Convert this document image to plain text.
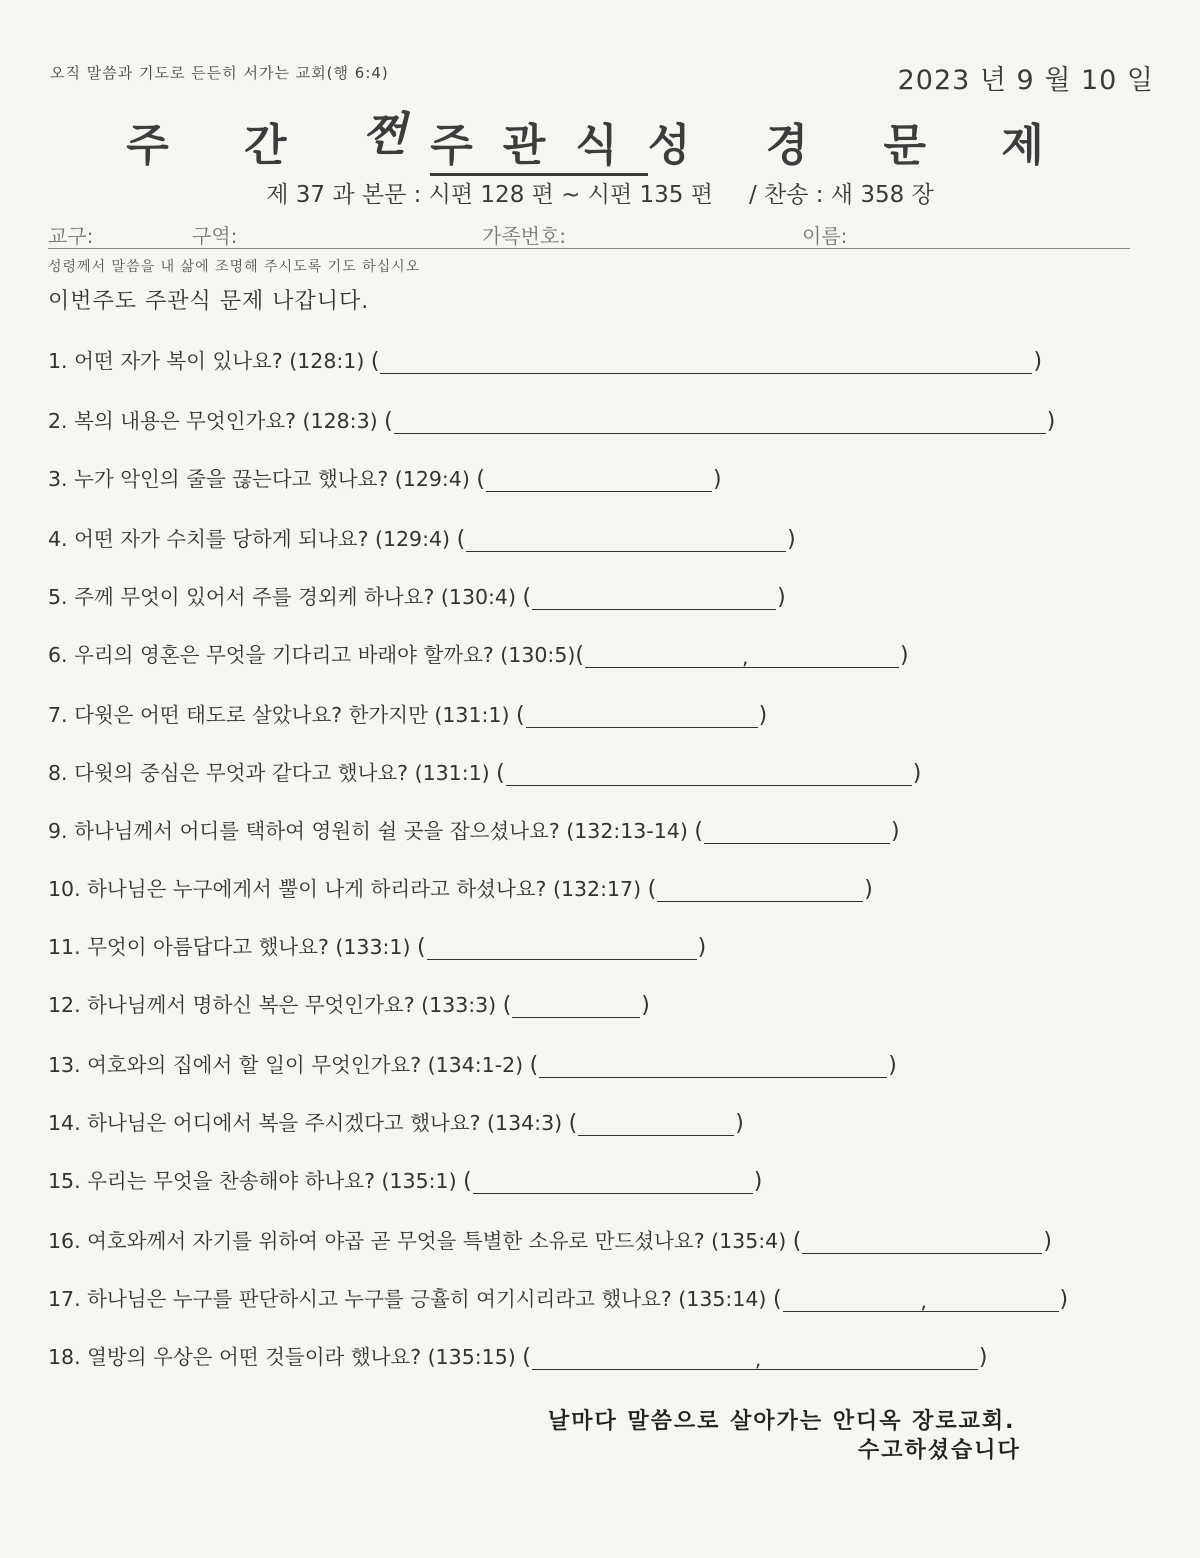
오직 말씀과 기도로 든든히 서가는 교회(행 6:4)	2023 년 9 월 10 일
주 간 쩐 주관식성 경 문 제
제 37 과 본문 : 시편 128 편 ~ 시편 135 편 / 찬송 : 새 358 장
교구:	구역:	가족번호:	이름:
성령께서 말씀을 내 삶에 조명해 주시도록 기도 하십시오
이번주도 주관식 문제 나갑니다.
1. 어떤 자가 복이 있나요? (128:1) (	)
2. 복의 내용은 무엇인가요? (128:3) (	)
3. 누가 악인의 줄을 끊는다고 했나요? (129:4) (	)
4. 어떤 자가 수치를 당하게 되나요? (129:4) (	)
5. 주께 무엇이 있어서 주를 경외케 하나요? (130:4) (	)
6. 우리의 영혼은 무엇을 기다리고 바래야 할까요? (130:5) (	,	)
7. 다윗은 어떤 태도로 살았나요? 한가지만 (131:1) (	)
8. 다윗의 중심은 무엇과 같다고 했나요? (131:1) (	)
9. 하나님께서 어디를 택하여 영원히 쉴 곳을 잡으셨나요? (132:13-14) (	)
10. 하나님은 누구에게서 뿔이 나게 하리라고 하셨나요? (132:17) (	)
11. 무엇이 아름답다고 했나요? (133:1) (	)
12. 하나님께서 명하신 복은 무엇인가요? (133:3) (	)
13. 여호와의 집에서 할 일이 무엇인가요? (134:1-2) (	)
14. 하나님은 어디에서 복을 주시겠다고 했나요? (134:3) (	)
15. 우리는 무엇을 찬송해야 하나요? (135:1) (	)
16. 여호와께서 자기를 위하여 야곱 곧 무엇을 특별한 소유로 만드셨나요? (135:4) (	)
17. 하나님은 누구를 판단하시고 누구를 긍휼히 여기시리라고 했나요? (135:14) (	,	)
18. 열방의 우상은 어떤 것들이라 했나요? (135:15) (	,	)
날마다 말씀으로 살아가는 안디옥 장로교회.
수고하셨습니다
